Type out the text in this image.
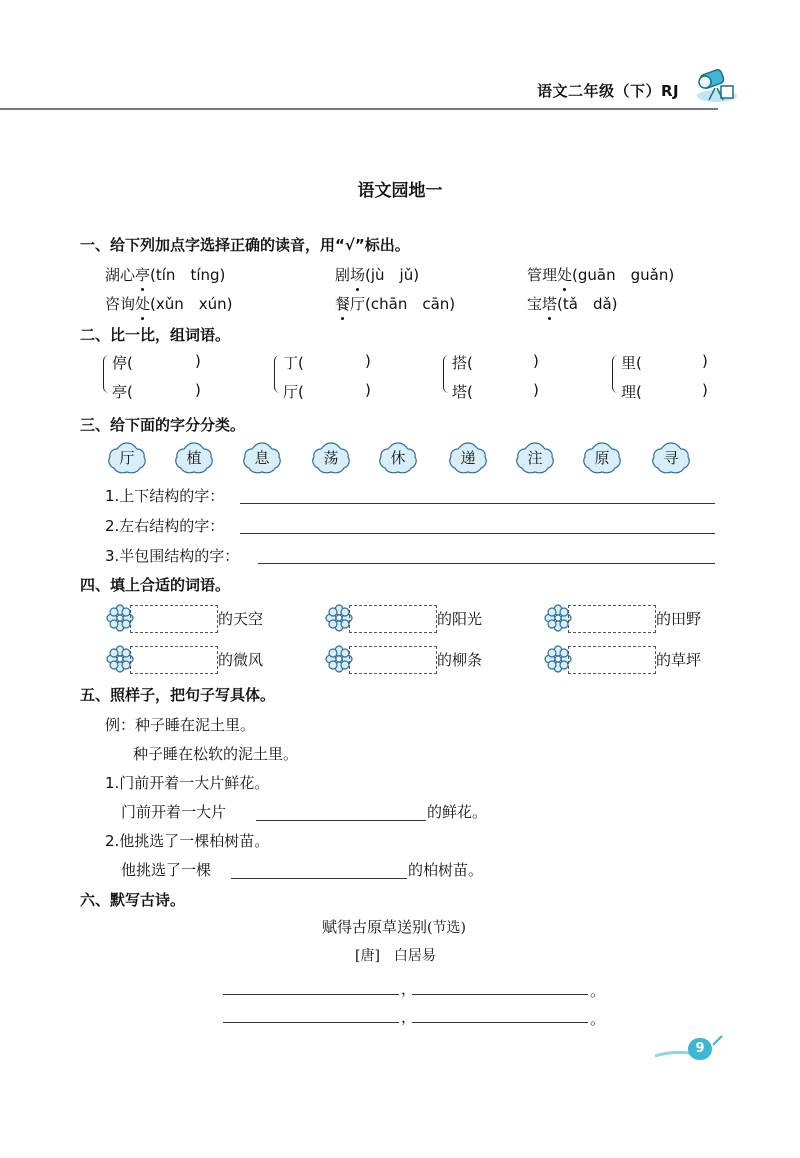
语文二年级（下）RJ
语文园地一
一、给下列加点字选择正确的读音，用“√”标出。
湖心亭(tín　tíng)	剧场(jù　jǔ)	管理处(guān　guǎn)
咨询处(xǔn　xún)	餐厅(chān　cān)	宝塔(tǎ　dǎ)
二、比一比，组词语。
停(	)
亭(	)
丁(	)
厅(	)
搭(	)
塔(	)
里(	)
理(	)
三、给下面的字分分类。
厅	植	息	荡	休	递	注	原	寻
1.上下结构的字：
2.左右结构的字：
3.半包围结构的字：
四、填上合适的词语。
的天空	的阳光	的田野
的微风	的柳条	的草坪
五、照样子，把句子写具体。
例：种子睡在泥土里。
种子睡在松软的泥土里。
1.门前开着一大片鲜花。
门前开着一大片	的鲜花。
2.他挑选了一棵柏树苗。
他挑选了一棵	的柏树苗。
六、默写古诗。
赋得古原草送别(节选)
[唐]　白居易
，	。
，	。
9
